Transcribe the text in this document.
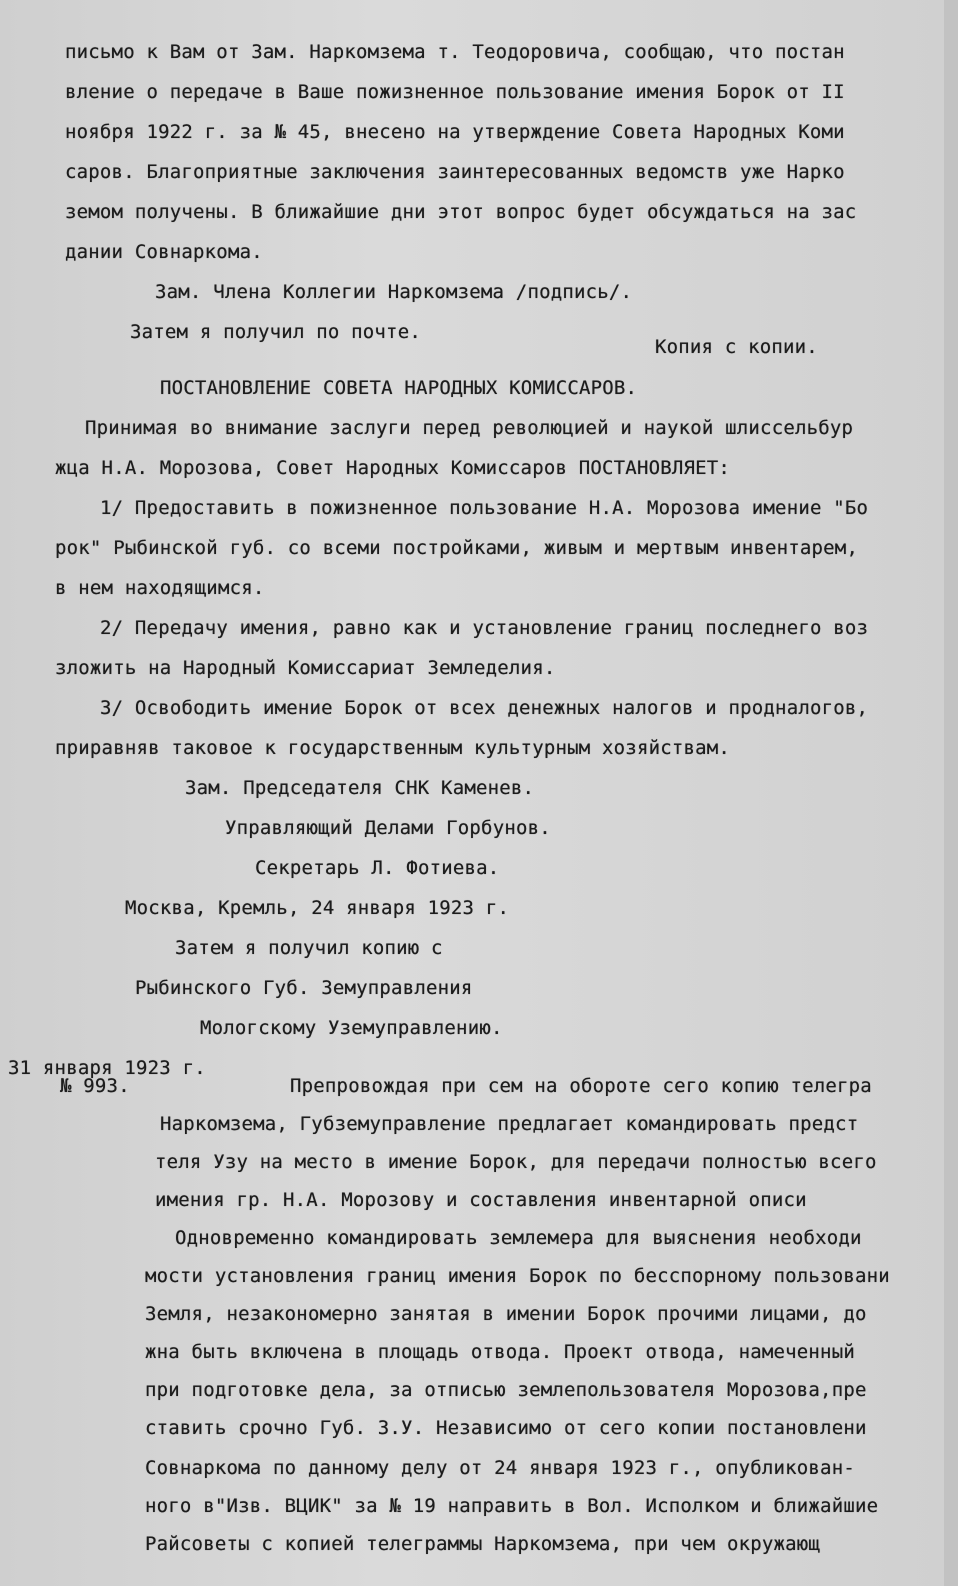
письмо к Вам от Зам. Наркомзема т. Теодоровича, сообщаю, что постан
вление о передаче в Ваше пожизненное пользование имения Борок от II
ноября 1922 г. за № 45, внесено на утверждение Совета Народных Коми
саров. Благоприятные заключения заинтересованных ведомств уже Нарко
земом получены. В ближайшие дни этот вопрос будет обсуждаться на зас
дании Совнаркома.
Зам. Члена Коллегии Наркомзема /подпись/.
Затем я получил по почте.
Копия с копии.
ПОСТАНОВЛЕНИЕ СОВЕТА НАРОДНЫХ КОМИССАРОВ.
Принимая во внимание заслуги перед революцией и наукой шлиссельбур
жца Н.А. Морозова, Совет Народных Комиссаров ПОСТАНОВЛЯЕТ:
1/ Предоставить в пожизненное пользование Н.А. Морозова имение "Бо
рок" Рыбинской губ. со всеми постройками, живым и мертвым инвентарем,
в нем находящимся.
2/ Передачу имения, равно как и установление границ последнего воз
зложить на Народный Комиссариат Земледелия.
3/ Освободить имение Борок от всех денежных налогов и продналогов,
приравняв таковое к государственным культурным хозяйствам.
Зам. Председателя СНК Каменев.
Управляющий Делами Горбунов.
Секретарь Л. Фотиева.
Москва, Кремль, 24 января 1923 г.
Затем я получил копию с
Рыбинского Губ. Земуправления
Мологскому Уземуправлению.
31 января 1923 г.
№ 993.	Препровождая при сем на обороте сего копию телегра
Наркомзема, Губземуправление предлагает командировать предст
теля Узу на место в имение Борок, для передачи полностью всего
имения гр. Н.А. Морозову и составления инвентарной описи
Одновременно командировать землемера для выяснения необходи
мости установления границ имения Борок по бесспорному пользовани
Земля, незакономерно занятая в имении Борок прочими лицами, до
жна быть включена в площадь отвода. Проект отвода, намеченный
при подготовке дела, за отписью землепользователя Морозова,пре
ставить срочно Губ. З.У. Независимо от сего копии постановлени
Совнаркома по данному делу от 24 января 1923 г., опубликован-
ного в"Изв. ВЦИК" за № 19 направить в Вол. Исполком и ближайшие
Райсоветы с копией телеграммы Наркомзема, при чем окружающ
